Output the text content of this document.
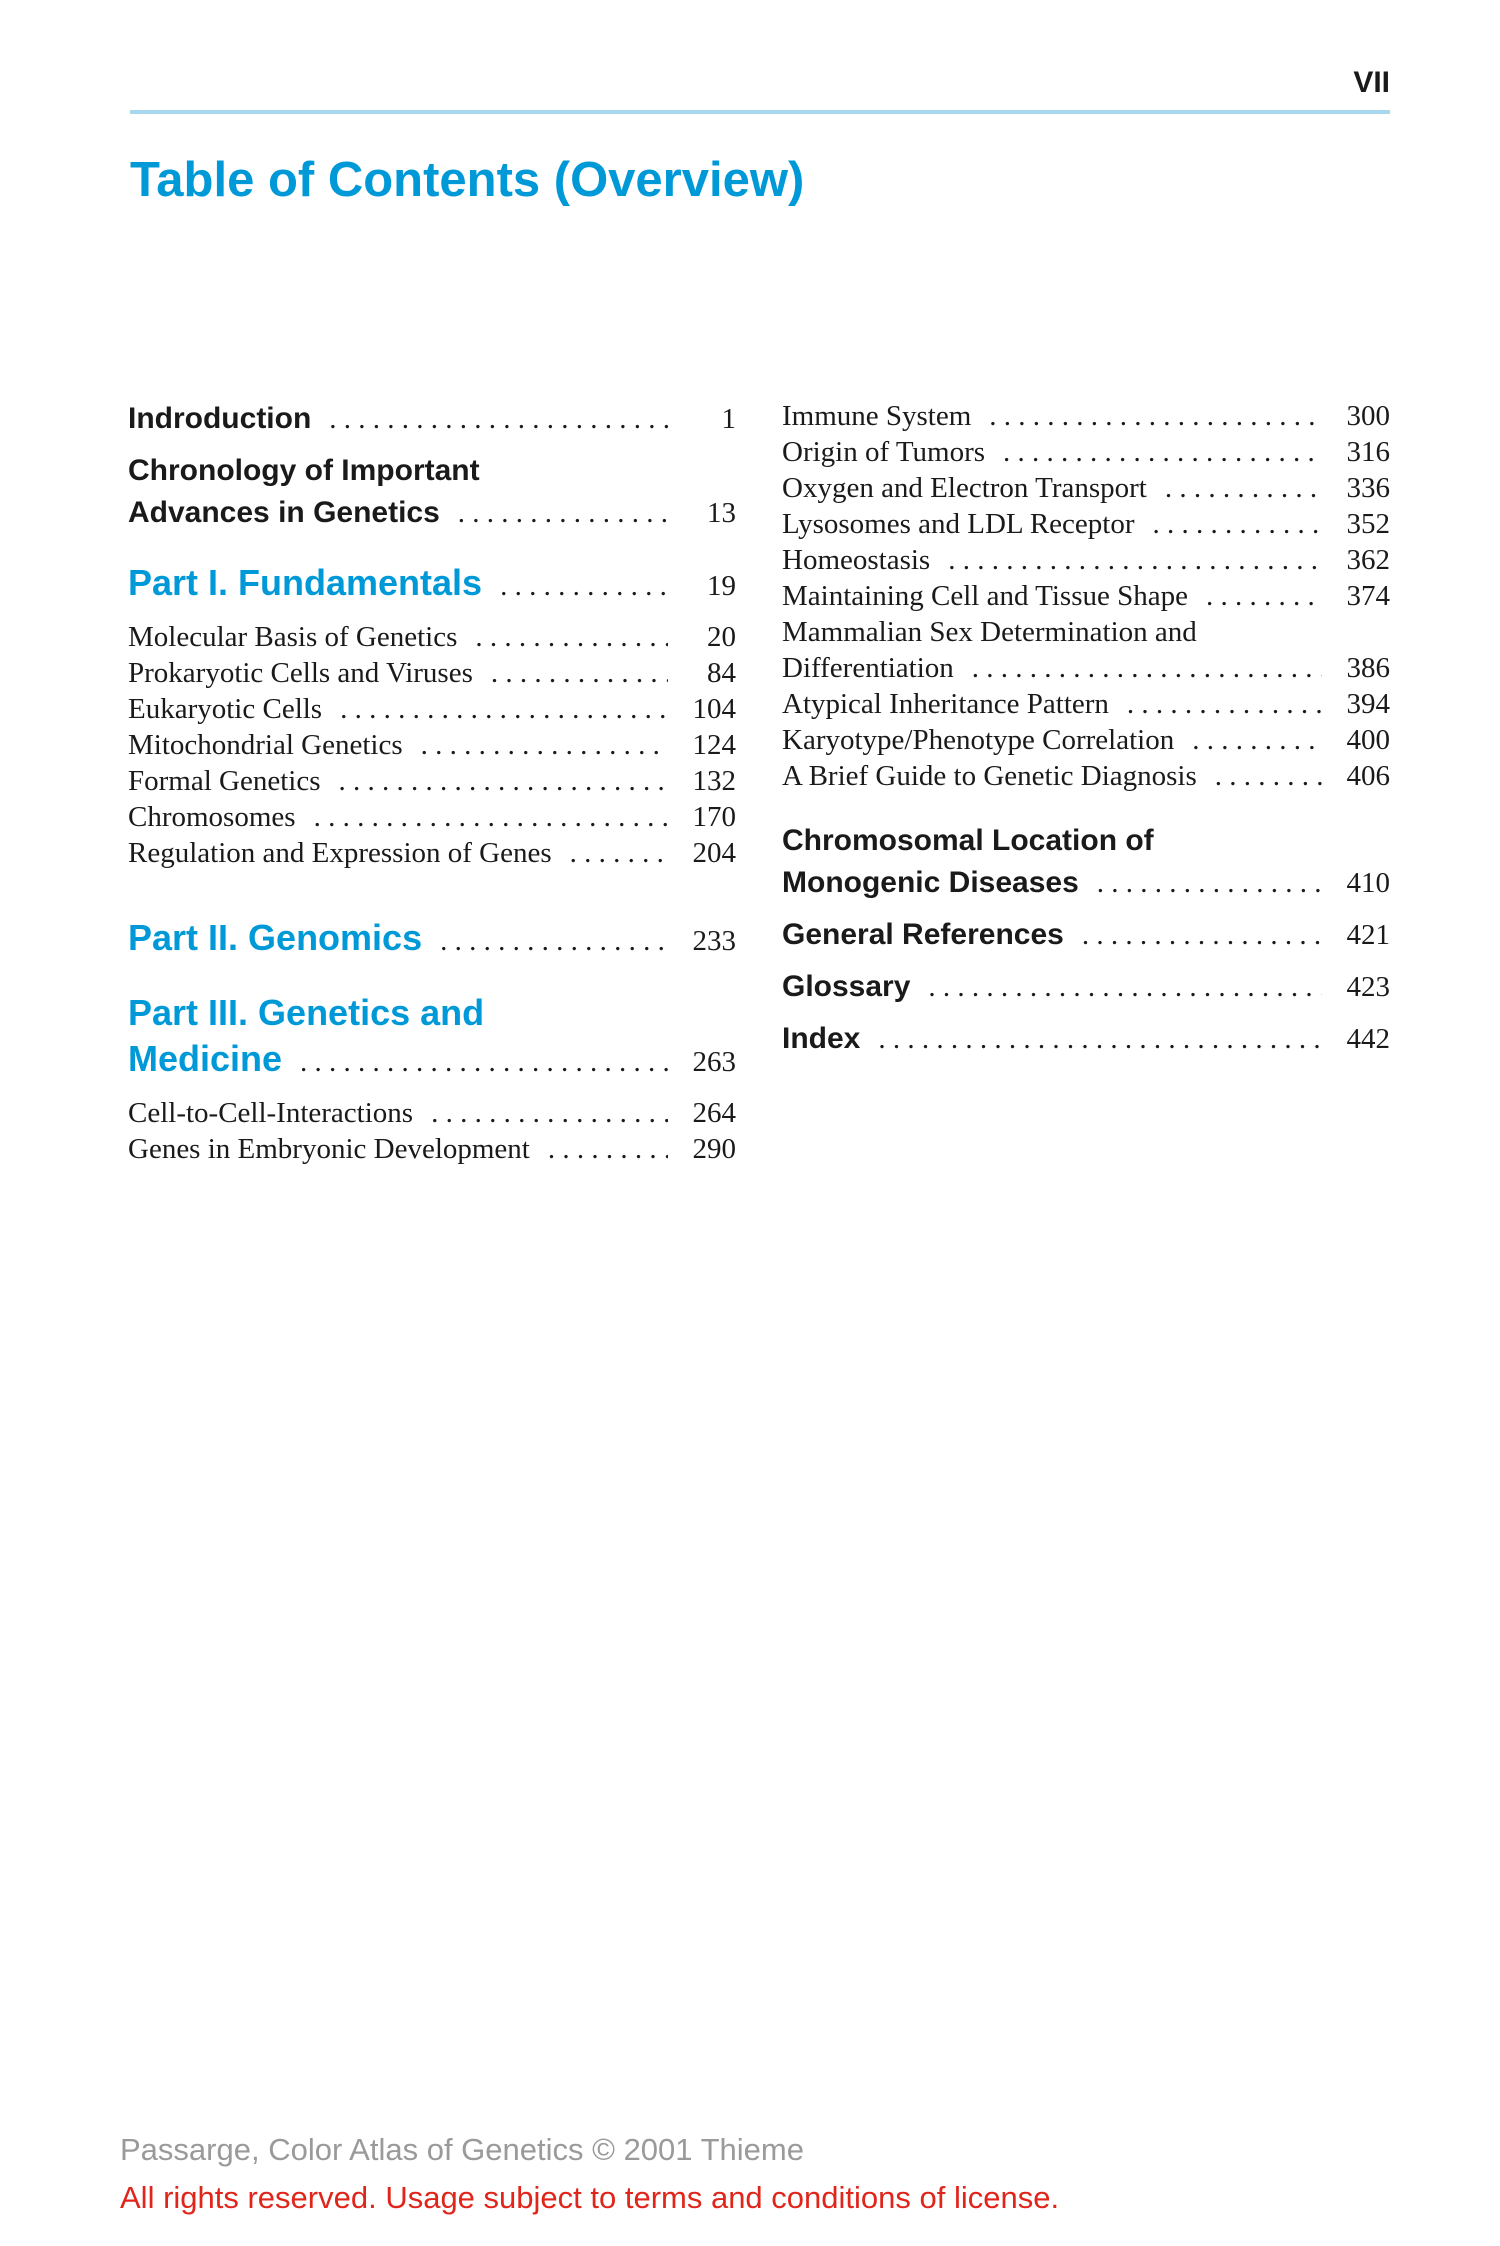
VII
Table of Contents (Overview)
Indroduction . . .	1
Chronology of Important
Advances in Genetics . . .	13
Part I. Fundamentals . . .	19
Molecular Basis of Genetics . . .	20
Prokaryotic Cells and Viruses . . .	84
Eukaryotic Cells . . .	104
Mitochondrial Genetics . . .	124
Formal Genetics . . .	132
Chromosomes . . .	170
Regulation and Expression of Genes . . .	204
Part II. Genomics . . .	233
Part III. Genetics and
Medicine . . .	263
Cell-to-Cell-Interactions . . .	264
Genes in Embryonic Development . . .	290
Immune System . . .	300
Origin of Tumors . . .	316
Oxygen and Electron Transport . . .	336
Lysosomes and LDL Receptor . . .	352
Homeostasis . . .	362
Maintaining Cell and Tissue Shape . . .	374
Mammalian Sex Determination and
Differentiation . . .	386
Atypical Inheritance Pattern . . .	394
Karyotype/Phenotype Correlation . . .	400
A Brief Guide to Genetic Diagnosis . . .	406
Chromosomal Location of
Monogenic Diseases . . .	410
General References . . .	421
Glossary . . .	423
Index . . .	442
Passarge, Color Atlas of Genetics © 2001 Thieme
All rights reserved. Usage subject to terms and conditions of license.
